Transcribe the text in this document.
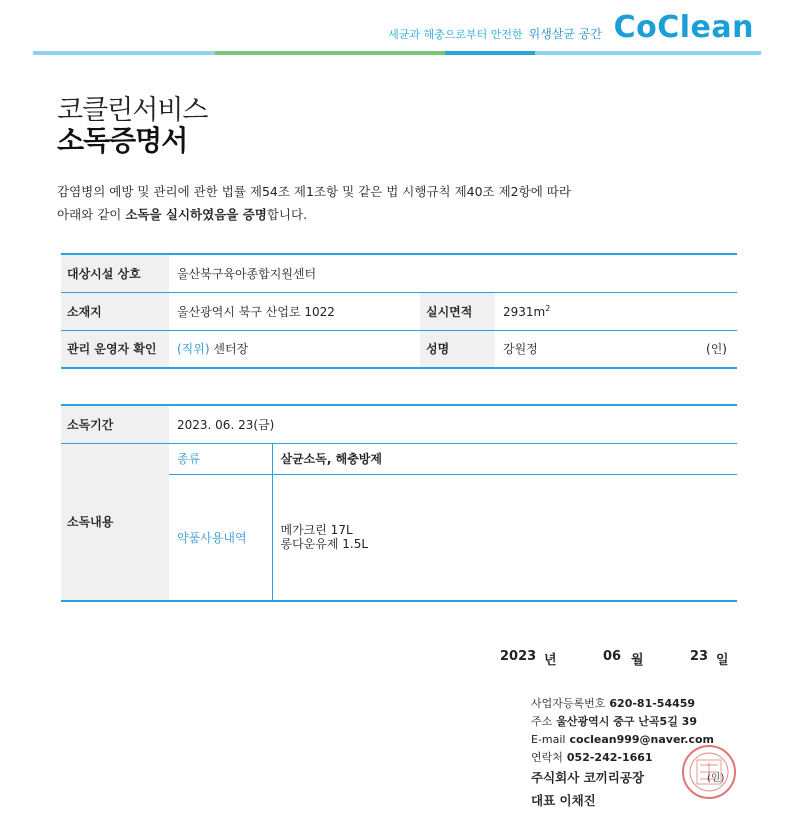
세균과 해충으로부터 안전한 위생살균 공간 CoClean
코클린서비스
소독증명서
감염병의 예방 및 관리에 관한 법률 제54조 제1조항 및 같은 법 시행규칙 제40조 제2항에 따라
아래와 같이 소독을 실시하였음을 증명합니다.
대상시설 상호	울산북구육아종합지원센터		
소재지	울산광역시 북구 산업로 1022	실시면적	$2931m^2$
관리 운영자 확인	(직위) 센터장	성명	강원정 (인)
소독기간	2023. 06. 23(금)	
소독내용	종류	살균소독, 해충방제
	약품사용내역	메가크린 17L
롱다운유제 1.5L
2023 년	06 월	23 일
사업자등록번호 620-81-54459
주소 울산광역시 중구 난곡5길 39
E-mail coclean999@naver.com
연락처 052-242-1661
주식회사 코끼리공장
대표 이채진
(인)
